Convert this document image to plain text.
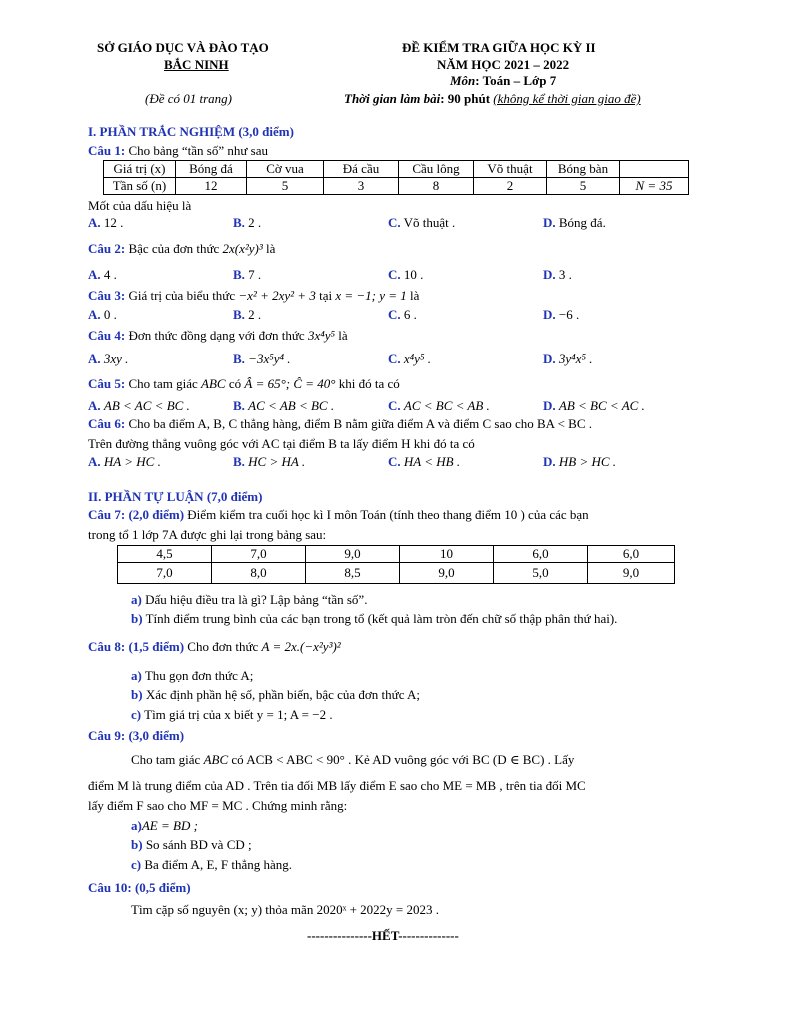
SỞ GIÁO DỤC VÀ ĐÀO TẠO
BẮC NINH
(Đề có 01 trang)
ĐỀ KIỂM TRA GIỮA HỌC KỲ II
NĂM HỌC 2021 – 2022
Môn: Toán – Lớp 7
Thời gian làm bài: 90 phút (không kể thời gian giao đề)
I. PHẦN TRẮC NGHIỆM (3,0 điểm)
Câu 1: Cho bảng “tần số” như sau
Giá trị (x)	Bóng đá	Cờ vua	Đá cầu	Cầu lông	Võ thuật	Bóng bàn	
Tần số (n)	12	5	3	8	2	5	N = 35
Mốt của dấu hiệu là
A. 12 .	B. 2 .	C. Võ thuật .	D. Bóng đá.
Câu 2: Bậc của đơn thức 2x(x²y)³ là
A. 4 .	B. 7 .	C. 10 .	D. 3 .
Câu 3: Giá trị của biểu thức −x² + 2xy² + 3 tại x = −1; y = 1 là
A. 0 .	B. 2 .	C. 6 .	D. −6 .
Câu 4: Đơn thức đồng dạng với đơn thức 3x⁴y⁵ là
A. 3xy .	B. −3x⁵y⁴ .	C. x⁴y⁵ .	D. 3y⁴x⁵ .
Câu 5: Cho tam giác ABC có Â = 65°; Ĉ = 40° khi đó ta có
A. AB < AC < BC .	B. AC < AB < BC .	C. AC < BC < AB .	D. AB < BC < AC .
Câu 6: Cho ba điểm A, B, C thẳng hàng, điểm B nằm giữa điểm A và điểm C sao cho BA < BC .
Trên đường thẳng vuông góc với AC tại điểm B ta lấy điểm H khi đó ta có
A. HA > HC .	B. HC > HA .	C. HA < HB .	D. HB > HC .
II. PHẦN TỰ LUẬN (7,0 điểm)
Câu 7: (2,0 điểm) Điểm kiểm tra cuối học kì I môn Toán (tính theo thang điểm 10 ) của các bạn
trong tổ 1 lớp 7A được ghi lại trong bảng sau:
4,5	7,0	9,0	10	6,0	6,0
7,0	8,0	8,5	9,0	5,0	9,0
a) Dấu hiệu điều tra là gì? Lập bảng “tần số”.
b) Tính điểm trung bình của các bạn trong tổ (kết quả làm tròn đến chữ số thập phân thứ hai).
Câu 8: (1,5 điểm) Cho đơn thức A = 2x.(−x²y³)²
a) Thu gọn đơn thức A;
b) Xác định phần hệ số, phần biến, bậc của đơn thức A;
c) Tìm giá trị của x biết y = 1; A = −2 .
Câu 9: (3,0 điểm)
Cho tam giác ABC có ACB < ABC < 90° . Kẻ AD vuông góc với BC (D ∈ BC) . Lấy
điểm M là trung điểm của AD . Trên tia đối MB lấy điểm E sao cho ME = MB , trên tia đối MC
lấy điểm F sao cho MF = MC . Chứng minh rằng:
a)AE = BD ;
b) So sánh BD và CD ;
c) Ba điểm A, E, F thẳng hàng.
Câu 10: (0,5 điểm)
Tìm cặp số nguyên (x; y) thỏa mãn 2020ˣ + 2022y = 2023 .
---------------HẾT--------------
